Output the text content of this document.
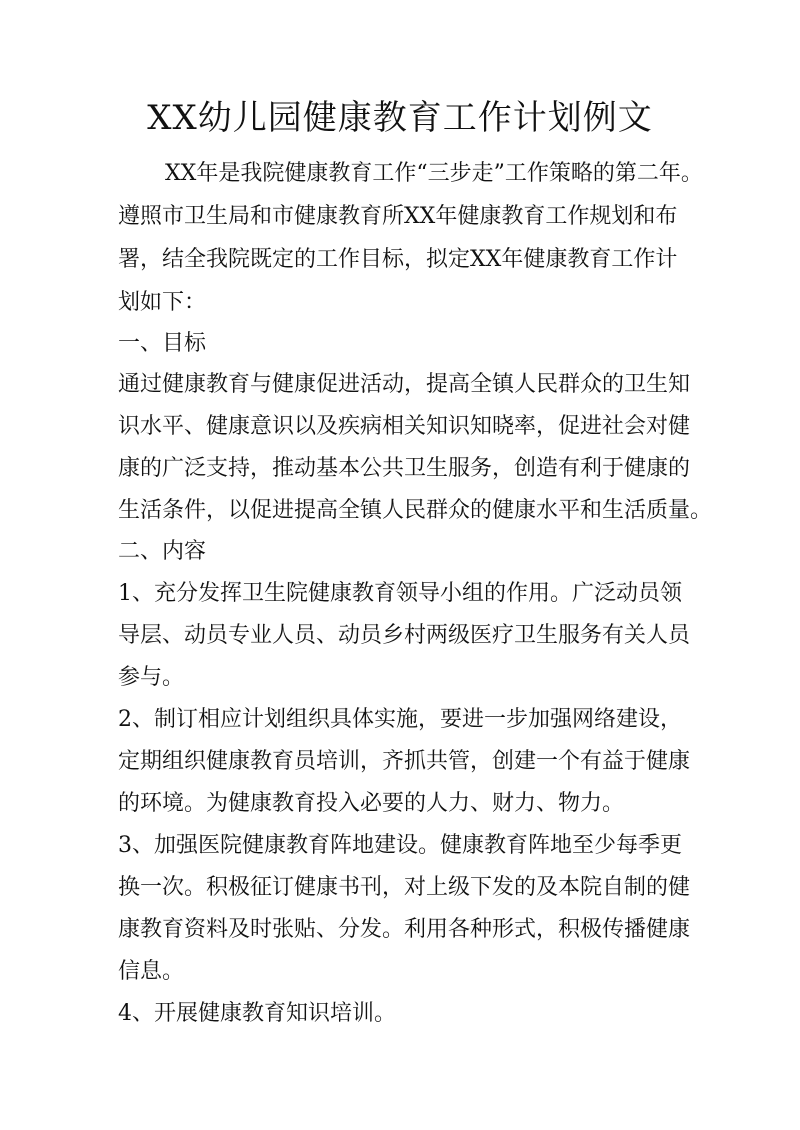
XX幼儿园健康教育工作计划例文
XX年是我院健康教育工作“三步走”工作策略的第二年。
遵照市卫生局和市健康教育所XX年健康教育工作规划和布
署，结全我院既定的工作目标，拟定XX年健康教育工作计
划如下：
一、目标
通过健康教育与健康促进活动，提高全镇人民群众的卫生知
识水平、健康意识以及疾病相关知识知晓率，促进社会对健
康的广泛支持，推动基本公共卫生服务，创造有利于健康的
生活条件，以促进提高全镇人民群众的健康水平和生活质量。
二、内容
1、充分发挥卫生院健康教育领导小组的作用。广泛动员领
导层、动员专业人员、动员乡村两级医疗卫生服务有关人员
参与。
2、制订相应计划组织具体实施，要进一步加强网络建设，
定期组织健康教育员培训，齐抓共管，创建一个有益于健康
的环境。为健康教育投入必要的人力、财力、物力。
3、加强医院健康教育阵地建设。健康教育阵地至少每季更
换一次。积极征订健康书刊，对上级下发的及本院自制的健
康教育资料及时张贴、分发。利用各种形式，积极传播健康
信息。
4、开展健康教育知识培训。
